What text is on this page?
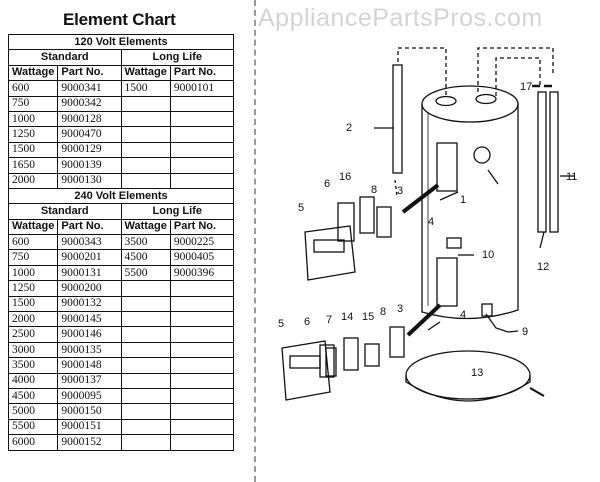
Element Chart	AppliancePartsPros.com
120 Volt Elements			
Standard		Long Life	
Wattage	Part No.	Wattage	Part No.
600	9000341	1500	9000101
750	9000342		
1000	9000128		
1250	9000470		
1500	9000129		
1650	9000139		
2000	9000130		
240 Volt Elements			
Standard		Long Life	
Wattage	Part No.	Wattage	Part No.
600	9000343	3500	9000225
750	9000201	4500	9000405
1000	9000131	5500	9000396
1250	9000200		
1500	9000132		
2000	9000145		
2500	9000146		
3000	9000135		
3500	9000148		
4000	9000137		
4500	9000095		
5000	9000150		
5500	9000151		
6000	9000152		
2
11
17
1
3
3
4
4
5
5
6
6 7
8
8
9
10
12
13
14 15
16
